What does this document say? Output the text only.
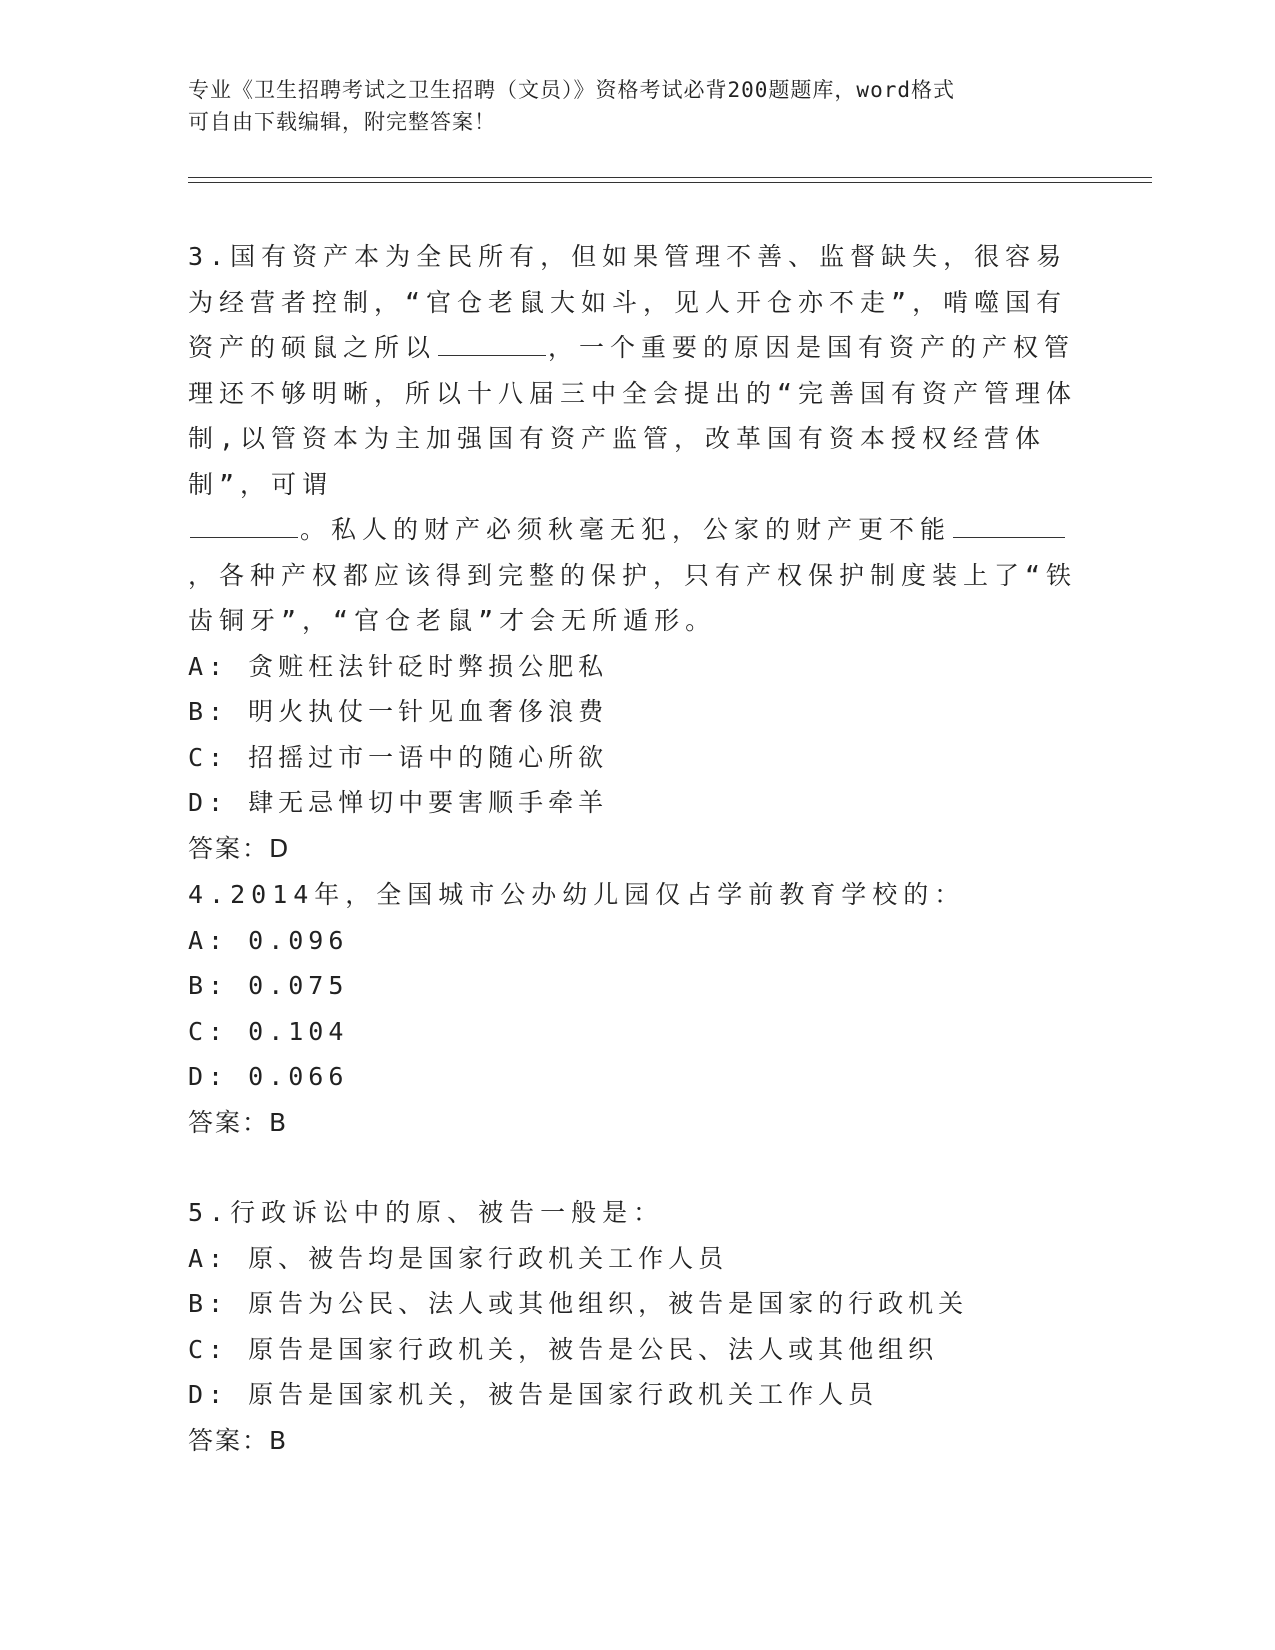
专业《卫生招聘考试之卫生招聘（文员）》资格考试必背200题题库，word格式
可自由下载编辑，附完整答案！

3.国有资产本为全民所有，但如果管理不善、监督缺失，很容易为经营者控制，“官仓老鼠大如斗，见人开仓亦不走”，啃噬国有资产的硕鼠之所以	，一个重要的原因是国有资产的产权管理还不够明晰，所以十八届三中全会提出的“完善国有资产管理体制,以管资本为主加强国有资产监管，改革国有资本授权经营体制”，可谓
。私人的财产必须秋毫无犯，公家的财产更不能，各种产权都应该得到完整的保护，只有产权保护制度装上了“铁齿铜牙”，“官仓老鼠”才会无所遁形。

A: 贪赃枉法针砭时弊损公肥私
B: 明火执仗一针见血奢侈浪费
C: 招摇过市一语中的随心所欲
D: 肆无忌惮切中要害顺手牵羊
答案：D

4.2014年，全国城市公办幼儿园仅占学前教育学校的：

A: 0.096
B: 0.075
C: 0.104
D: 0.066
答案：B

5.行政诉讼中的原、被告一般是：

A: 原、被告均是国家行政机关工作人员
B: 原告为公民、法人或其他组织，被告是国家的行政机关
C: 原告是国家行政机关，被告是公民、法人或其他组织
D: 原告是国家机关，被告是国家行政机关工作人员
答案：B
